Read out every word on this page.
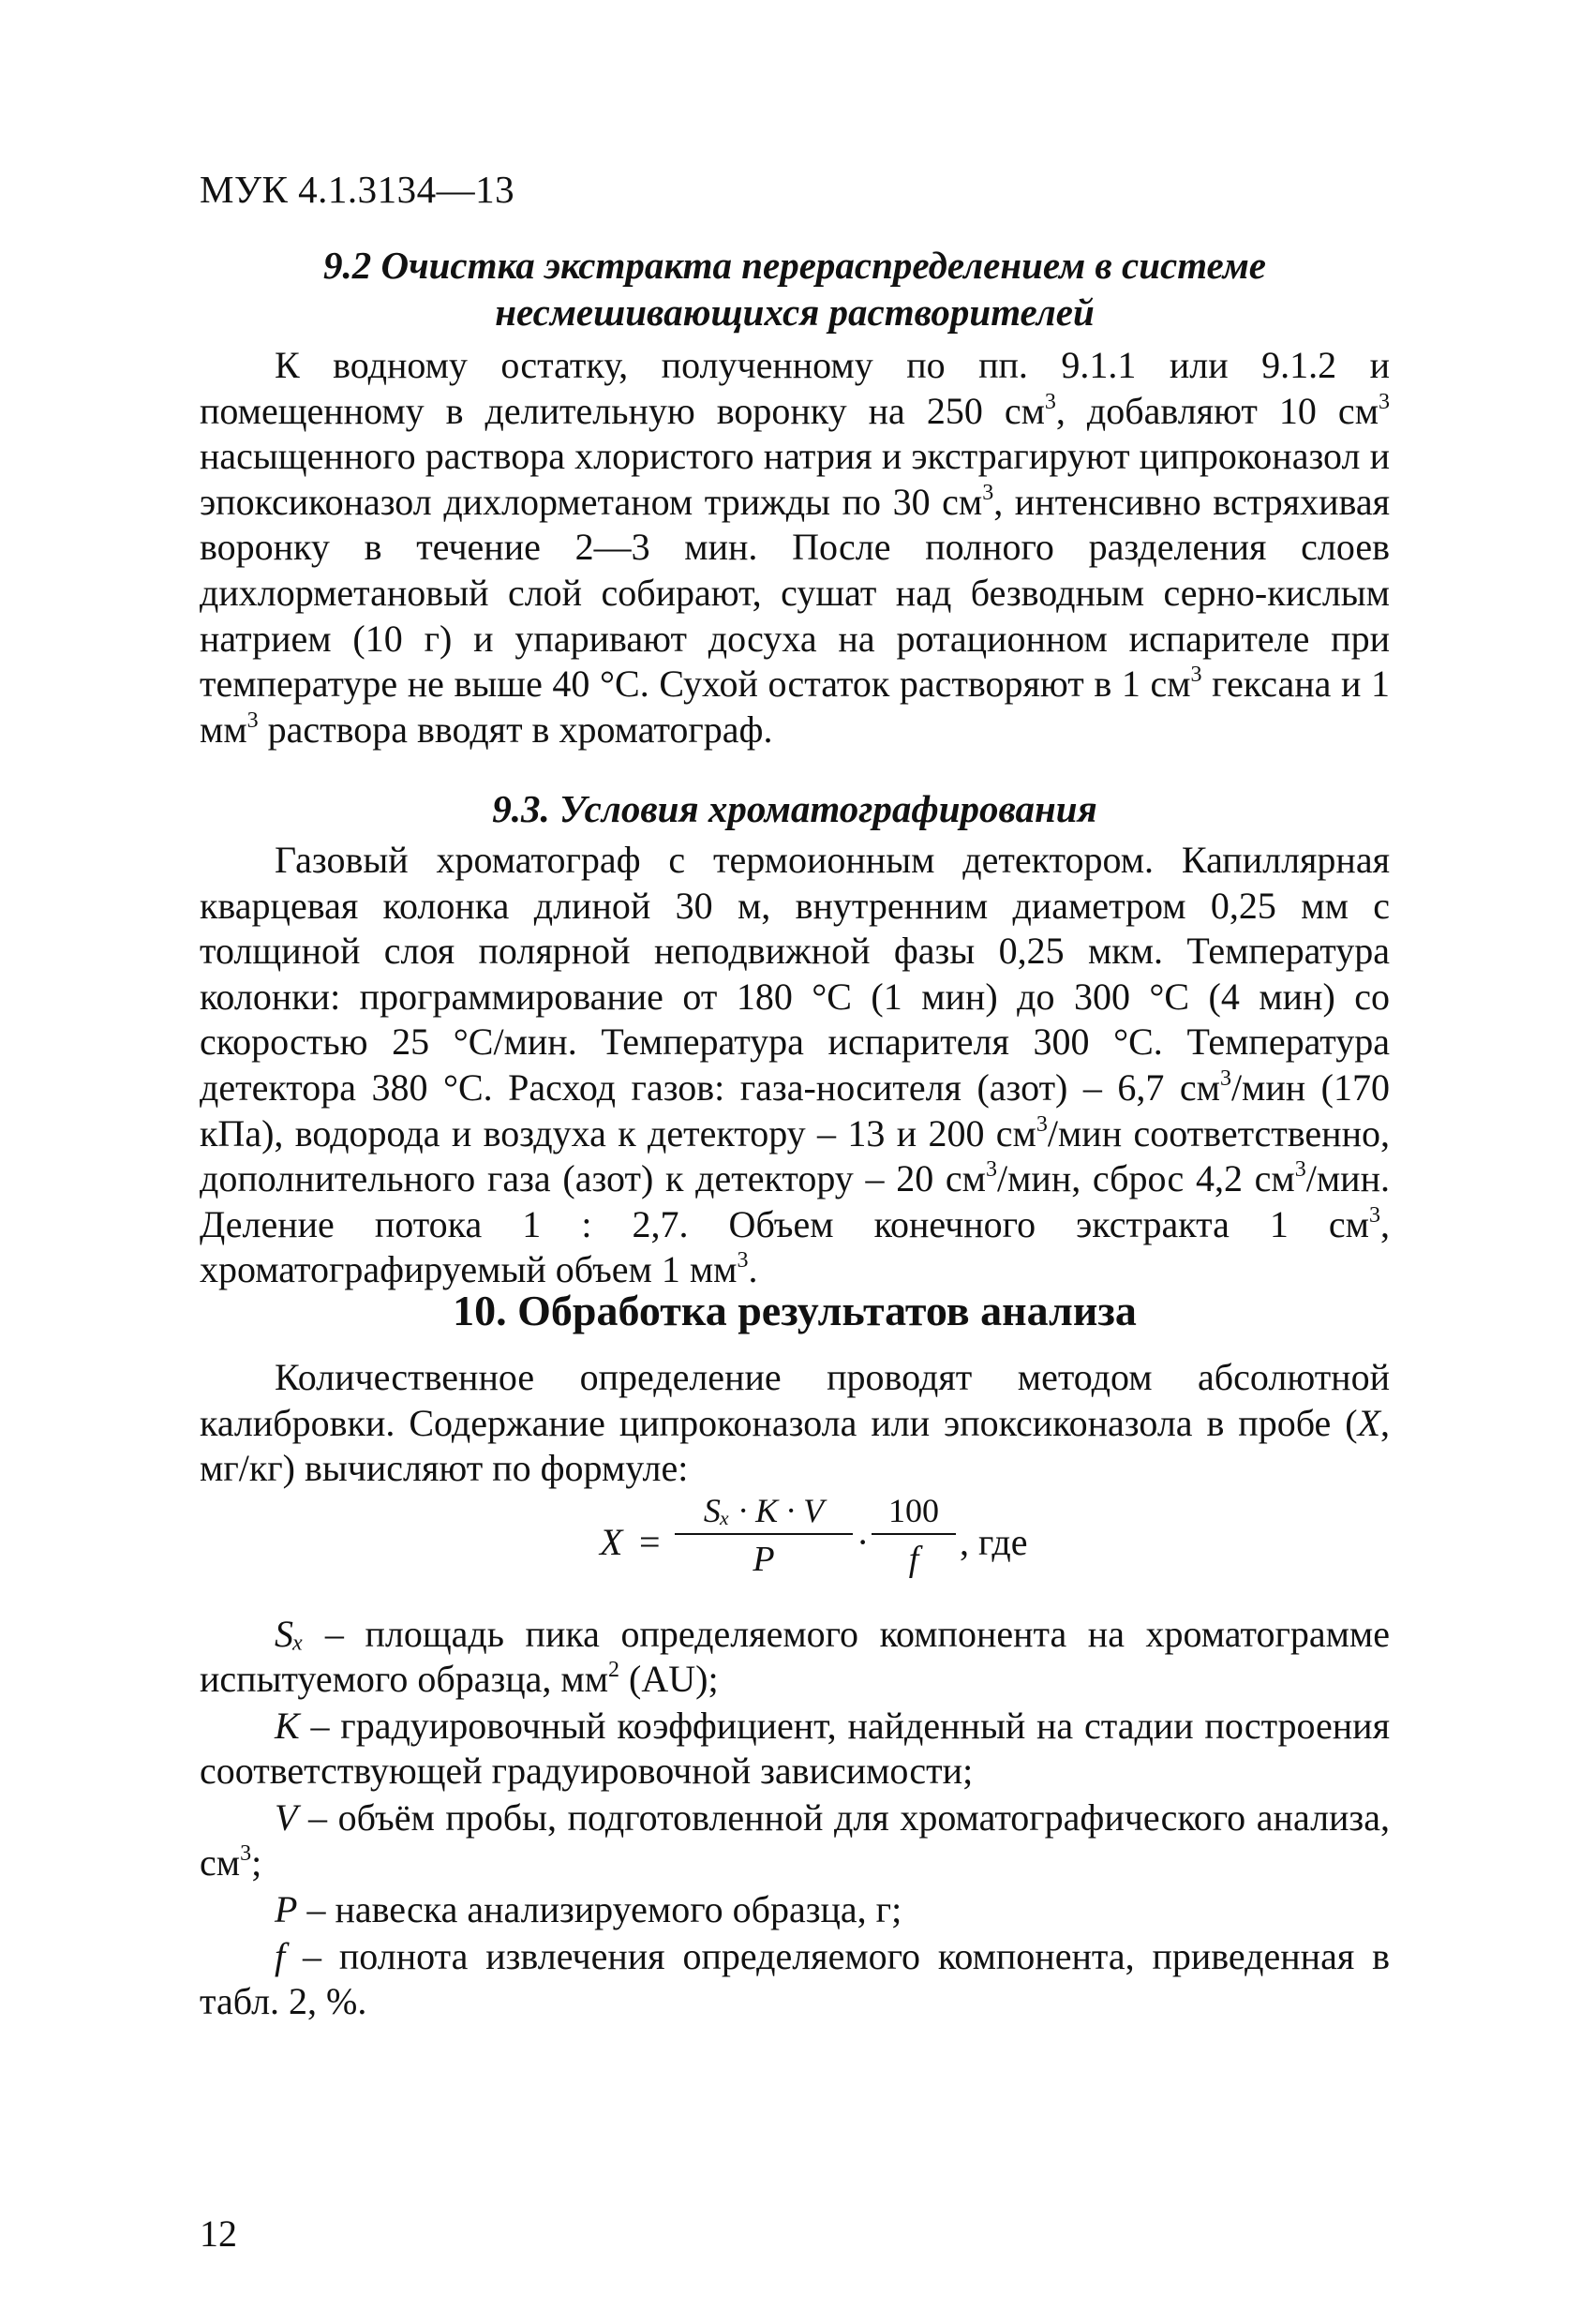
МУК 4.1.3134—13
9.2 Очистка экстракта перераспределением в системе
несмешивающихся растворителей
К водному остатку, полученному по пп. 9.1.1 или 9.1.2 и помещенному в делительную воронку на 250 $см^3$, добавляют 10 $см^3$ насыщенного раствора хлористого натрия и экстрагируют ципроконазол и эпоксиконазол дихлорметаном трижды по 30 $см^3$, интенсивно встряхивая воронку в течение 2—3 мин. После полного разделения слоев дихлорметановый слой собирают, сушат над безводным серно-кислым натрием (10 г) и упаривают досуха на ротационном испарителе при температуре не выше 40 °С. Сухой остаток растворяют в 1 $см^3$ гексана и 1 $мм^3$ раствора вводят в хроматограф.
9.3. Условия хроматографирования
Газовый хроматограф с термоионным детектором. Капиллярная кварцевая колонка длиной 30 м, внутренним диаметром 0,25 мм с толщиной слоя полярной неподвижной фазы 0,25 мкм. Температура колонки: программирование от 180 °С (1 мин) до 300 °С (4 мин) со скоростью 25 °С/мин. Температура испарителя 300 °С. Температура детектора 380 °С. Расход газов: газа-носителя (азот) – 6,7 $см^3$/мин (170 кПа), водорода и воздуха к детектору – 13 и 200 $см^3$/мин соответственно, дополнительного газа (азот) к детектору – 20 $см^3$/мин, сброс 4,2 $см^3$/мин. Деление потока 1 : 2,7. Объем конечного экстракта 1 $см^3$, хроматографируемый объем 1 $мм^3$.
10. Обработка результатов анализа
Количественное определение проводят методом абсолютной калибровки. Содержание ципроконазола или эпоксиконазола в пробе (X, мг/кг) вычисляют по формуле:
X =
Sₓ · K · V
P	·
100
f	, где
Sₓ – площадь пика определяемого компонента на хроматограмме испытуемого образца, $мм^2$ (AU);
K – градуировочный коэффициент, найденный на стадии построения соответствующей градуировочной зависимости;
V – объём пробы, подготовленной для хроматографического анализа, $см^3$;
P – навеска анализируемого образца, г;
f – полнота извлечения определяемого компонента, приведенная в табл. 2, %.
12
